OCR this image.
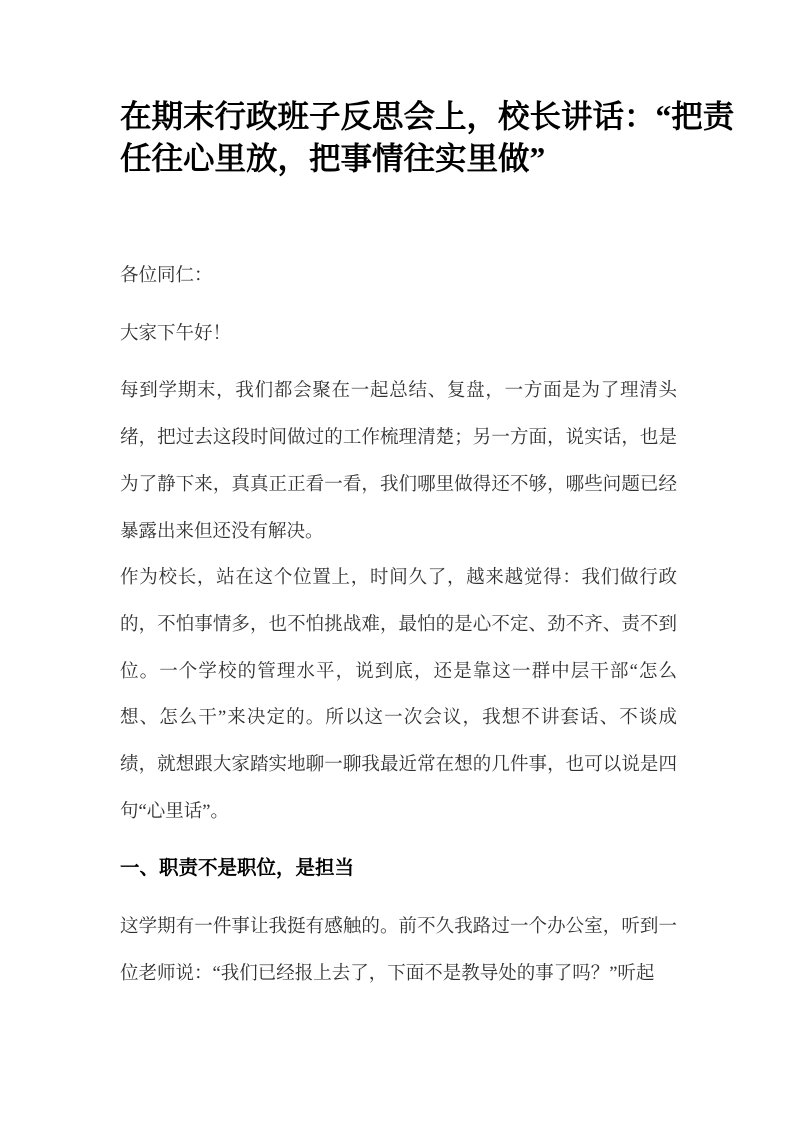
在期末行政班子反思会上，校长讲话：“把责任往心里放，把事情往实里做”

各位同仁：

大家下午好！

每到学期末，我们都会聚在一起总结、复盘，一方面是为了理清头绪，把过去这段时间做过的工作梳理清楚；另一方面，说实话，也是为了静下来，真真正正看一看，我们哪里做得还不够，哪些问题已经暴露出来但还没有解决。

作为校长，站在这个位置上，时间久了，越来越觉得：我们做行政的，不怕事情多，也不怕挑战难，最怕的是心不定、劲不齐、责不到位。一个学校的管理水平，说到底，还是靠这一群中层干部“怎么想、怎么干”来决定的。所以这一次会议，我想不讲套话、不谈成绩，就想跟大家踏实地聊一聊我最近常在想的几件事，也可以说是四句“心里话”。

一、职责不是职位，是担当

这学期有一件事让我挺有感触的。前不久我路过一个办公室，听到一位老师说：“我们已经报上去了，下面不是教导处的事了吗？”听起
